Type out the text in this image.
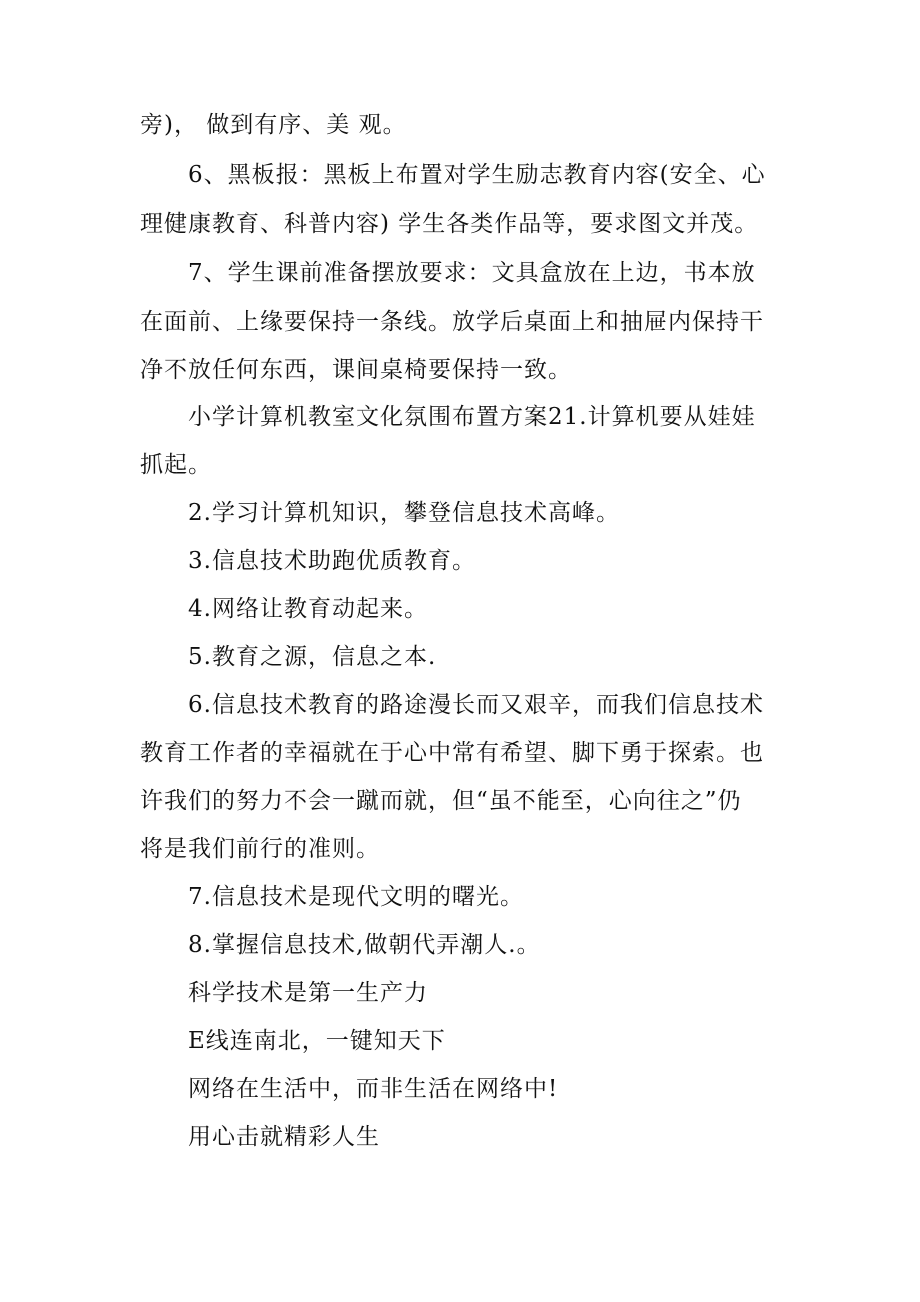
旁)， 做到有序、美 观。

6、黑板报：黑板上布置对学生励志教育内容(安全、心

理健康教育、科普内容) 学生各类作品等，要求图文并茂。

7、学生课前准备摆放要求：文具盒放在上边，书本放

在面前、上缘要保持一条线。放学后桌面上和抽屉内保持干

净不放任何东西，课间桌椅要保持一致。

小学计算机教室文化氛围布置方案21.计算机要从娃娃

抓起。

2.学习计算机知识，攀登信息技术高峰。

3.信息技术助跑优质教育。

4.网络让教育动起来。

5.教育之源，信息之本.

6.信息技术教育的路途漫长而又艰辛，而我们信息技术

教育工作者的幸福就在于心中常有希望、脚下勇于探索。也

许我们的努力不会一蹴而就，但“虽不能至，心向往之”仍

将是我们前行的准则。

7.信息技术是现代文明的曙光。

8.掌握信息技术,做朝代弄潮人.。

科学技术是第一生产力

E线连南北，一键知天下

网络在生活中，而非生活在网络中!

用心击就精彩人生
